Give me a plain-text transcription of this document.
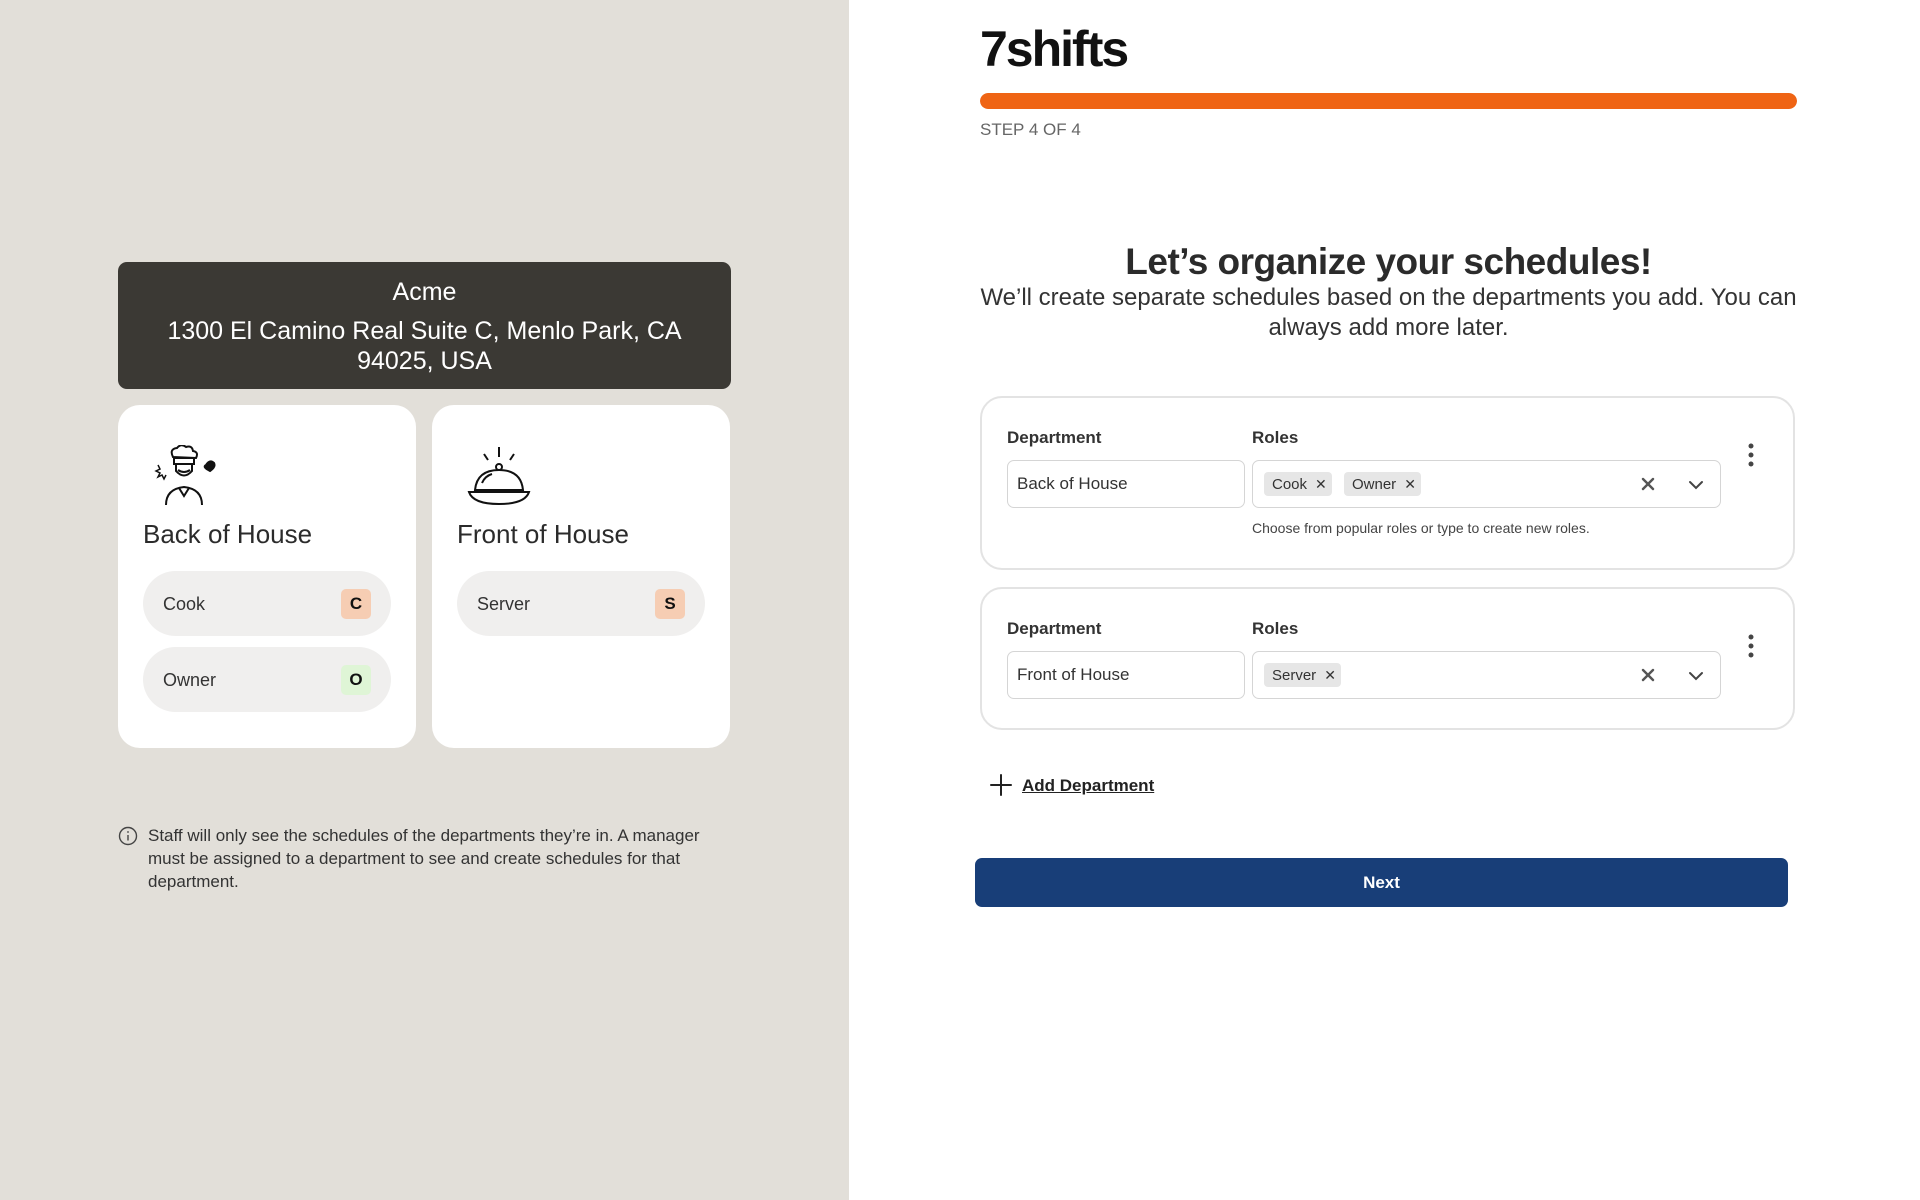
Acme
1300 El Camino Real Suite C, Menlo Park, CA 94025, USA
Back of House
Cook	C
Owner	O
Front of House
Server	S
Staff will only see the schedules of the departments they’re in. A manager must be assigned to a department to see and create schedules for that department.
7shifts
STEP 4 OF 4
Let’s organize your schedules!
We’ll create separate schedules based on the departments you add. You can always add more later.
Department	Roles
Back of House
Cook ✕	Owner ✕
Choose from popular roles or type to create new roles.
Department	Roles
Front of House
Server ✕
Add Department
Next
